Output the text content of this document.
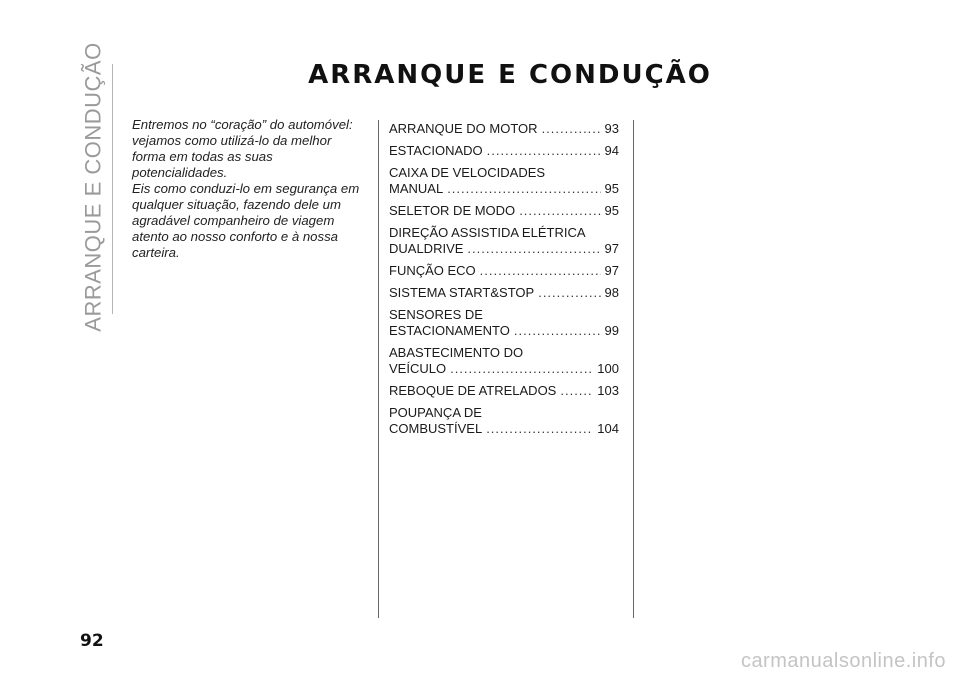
ARRANQUE E CONDUÇÃO	ARRANQUE E CONDUÇÃO

Entremos no “coração” do automóvel: vejamos como utilizá-lo da melhor forma em todas as suas potencialidades.

Eis como conduzi-lo em segurança em qualquer situação, fazendo dele um agradável companheiro de viagem atento ao nosso conforto e à nossa carteira.

ARRANQUE DO MOTOR .....	93
ESTACIONADO .....	94
CAIXA DE VELOCIDADES
MANUAL .....	95
SELETOR DE MODO .....	95
DIREÇÃO ASSISTIDA ELÉTRICA
DUALDRIVE .....	97
FUNÇÃO ECO .....	97
SISTEMA START&STOP .....	98
SENSORES DE
ESTACIONAMENTO .....	99
ABASTECIMENTO DO
VEÍCULO .....	100
REBOQUE DE ATRELADOS .....	103
POUPANÇA DE
COMBUSTÍVEL .....	104
92
carmanualsonline.info
